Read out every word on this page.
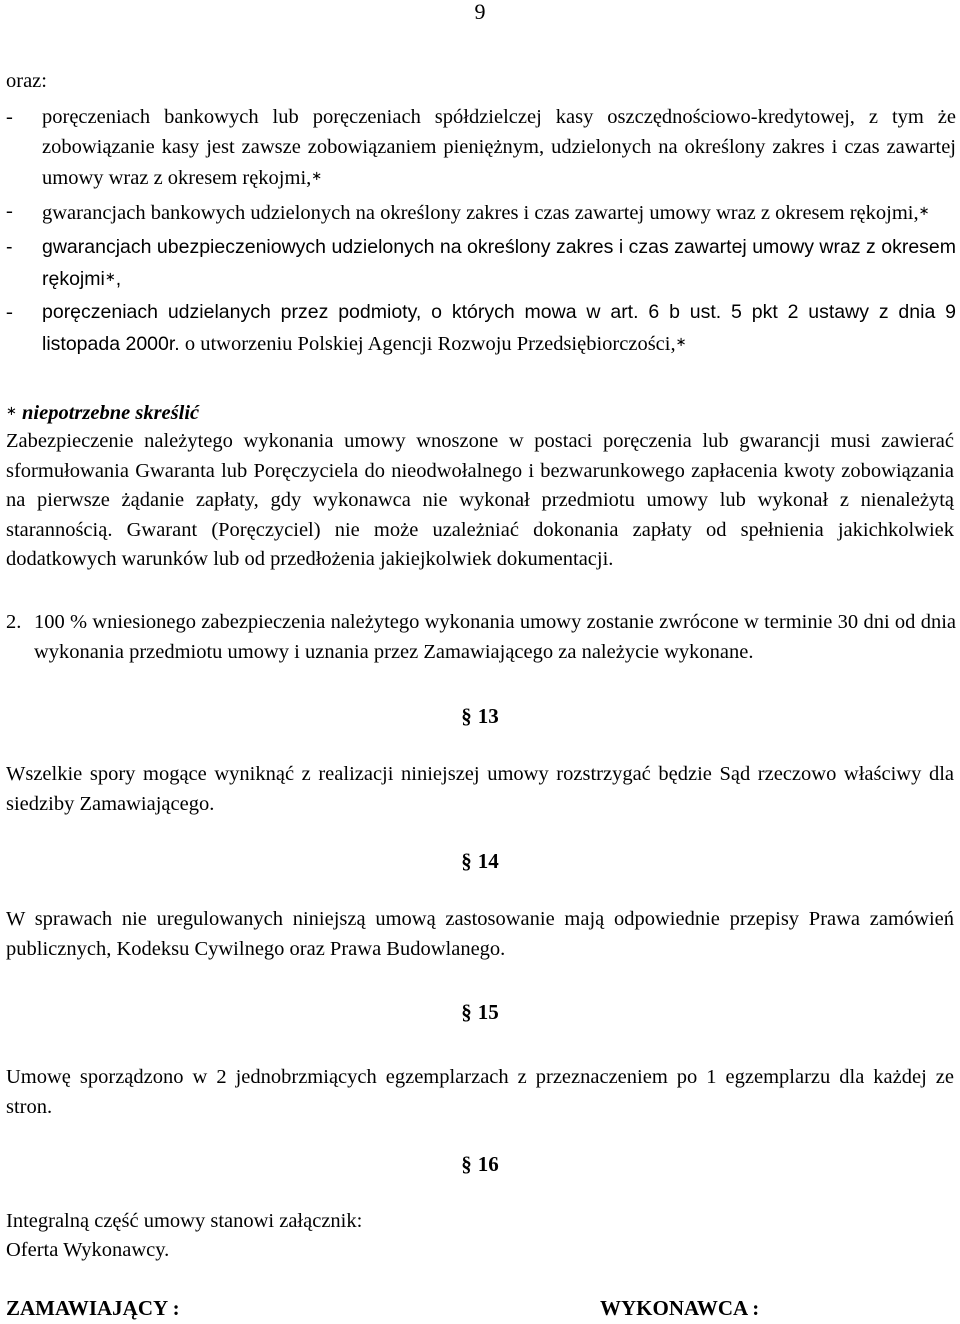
9

oraz:

- poręczeniach bankowych lub poręczeniach spółdzielczej kasy oszczędnościowo-kredytowej, z tym że zobowiązanie kasy jest zawsze zobowiązaniem pieniężnym, udzielonych na określony zakres i czas zawartej umowy wraz z okresem rękojmi,∗
- gwarancjach bankowych udzielonych na określony zakres i czas zawartej umowy wraz z okresem rękojmi,∗
- gwarancjach ubezpieczeniowych udzielonych na określony zakres i czas zawartej umowy wraz z okresem rękojmi∗,
- poręczeniach udzielanych przez podmioty, o których mowa w art. 6 b ust. 5 pkt 2 ustawy z dnia 9 listopada 2000r. o utworzeniu Polskiej Agencji Rozwoju Przedsiębiorczości,∗

∗ niepotrzebne skreślić

Zabezpieczenie należytego wykonania umowy wnoszone w postaci poręczenia lub gwarancji musi zawierać sformułowania Gwaranta lub Poręczyciela do nieodwołalnego i bezwarunkowego zapłacenia kwoty zobowiązania na pierwsze żądanie zapłaty, gdy wykonawca nie wykonał przedmiotu umowy lub wykonał z nienależytą starannością. Gwarant (Poręczyciel) nie może uzależniać dokonania zapłaty od spełnienia jakichkolwiek dodatkowych warunków lub od przedłożenia jakiejkolwiek dokumentacji.

2. 100 % wniesionego zabezpieczenia należytego wykonania umowy zostanie zwrócone w terminie 30 dni od dnia wykonania przedmiotu umowy i uznania przez Zamawiającego za należycie wykonane.
§ 13

Wszelkie spory mogące wyniknąć z realizacji niniejszej umowy rozstrzygać będzie Sąd rzeczowo właściwy dla siedziby Zamawiającego.

§ 14

W sprawach nie uregulowanych niniejszą umową zastosowanie mają odpowiednie przepisy Prawa zamówień publicznych, Kodeksu Cywilnego oraz Prawa Budowlanego.

§ 15

Umowę sporządzono w 2 jednobrzmiących egzemplarzach z przeznaczeniem po 1 egzemplarzu dla każdej ze stron.

§ 16

Integralną część umowy stanowi załącznik:

Oferta Wykonawcy.

ZAMAWIAJĄCY :	WYKONAWCA :
